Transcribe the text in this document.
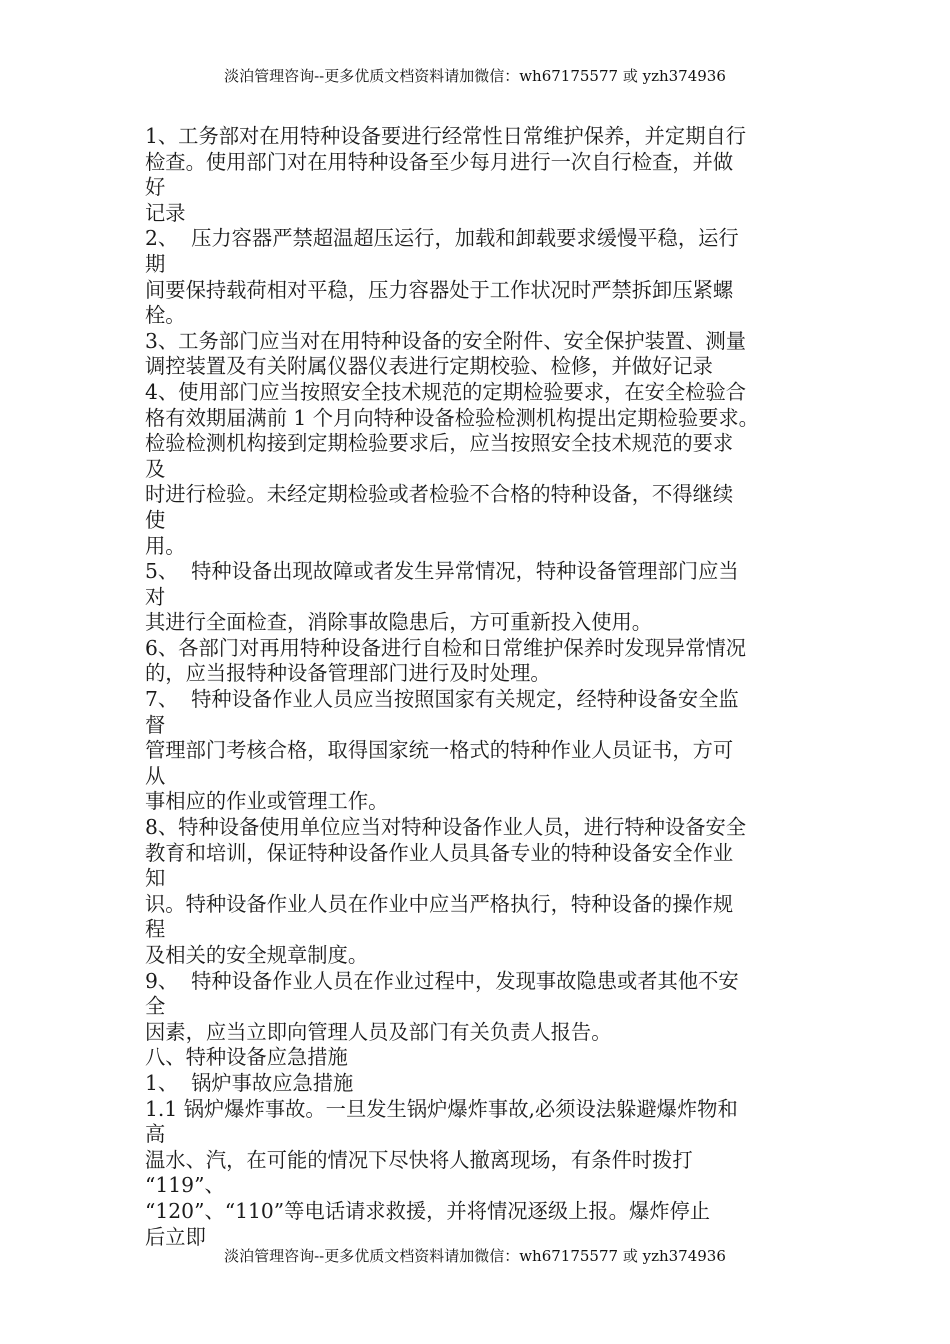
淡泊管理咨询--更多优质文档资料请加微信：wh67175577 或 yzh374936
1、工务部对在用特种设备要进行经常性日常维护保养，并定期自行
检查。使用部门对在用特种设备至少每月进行一次自行检查，并做
好
记录
2、  压力容器严禁超温超压运行，加载和卸载要求缓慢平稳，运行
期
间要保持载荷相对平稳，压力容器处于工作状况时严禁拆卸压紧螺
栓。
3、工务部门应当对在用特种设备的安全附件、安全保护装置、测量
调控装置及有关附属仪器仪表进行定期校验、检修，并做好记录
4、使用部门应当按照安全技术规范的定期检验要求，在安全检验合
格有效期届满前 1 个月向特种设备检验检测机构提出定期检验要求。
检验检测机构接到定期检验要求后，应当按照安全技术规范的要求
及
时进行检验。未经定期检验或者检验不合格的特种设备，不得继续
使
用。
5、  特种设备出现故障或者发生异常情况，特种设备管理部门应当
对
其进行全面检查，消除事故隐患后，方可重新投入使用。
6、各部门对再用特种设备进行自检和日常维护保养时发现异常情况
的，应当报特种设备管理部门进行及时处理。
7、  特种设备作业人员应当按照国家有关规定，经特种设备安全监
督
管理部门考核合格，取得国家统一格式的特种作业人员证书，方可
从
事相应的作业或管理工作。
8、特种设备使用单位应当对特种设备作业人员，进行特种设备安全
教育和培训，保证特种设备作业人员具备专业的特种设备安全作业
知
识。特种设备作业人员在作业中应当严格执行，特种设备的操作规
程
及相关的安全规章制度。
9、  特种设备作业人员在作业过程中，发现事故隐患或者其他不安
全
因素，应当立即向管理人员及部门有关负责人报告。
八、特种设备应急措施
1、  锅炉事故应急措施
1.1 锅炉爆炸事故。一旦发生锅炉爆炸事故,必须设法躲避爆炸物和
高
温水、汽，在可能的情况下尽快将人撤离现场，有条件时拨打
“119”、
“120”、“110”等电话请求救援，并将情况逐级上报。爆炸停止
后立即
淡泊管理咨询--更多优质文档资料请加微信：wh67175577 或 yzh374936
